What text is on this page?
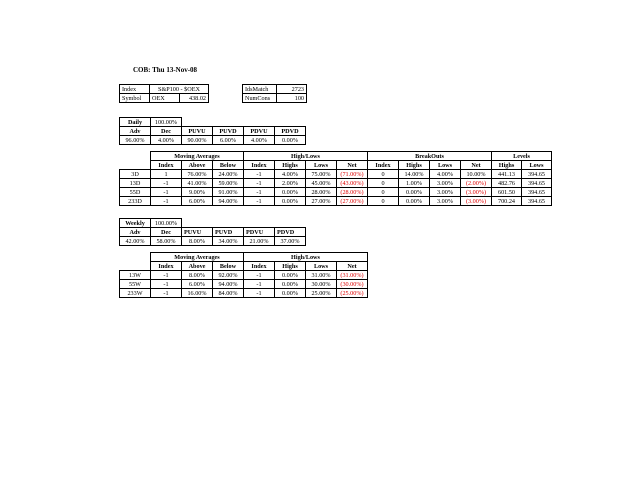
COB: Thu 13-Nov-08
Index	S&P100 - $OEX	
Symbol	OEX	438.02
IdsMatch	2723
NumCons	100
Daily	100.00%				
Adv	Dec	PUVU	PUVD	PDVU	PDVD
96.00%	4.00%	90.00%	6.00%	4.00%	0.00%
	Moving Averages			High/Lows				BreakOuts				Levels	
	Index	Above	Below	Index	Highs	Lows	Net	Index	Highs	Lows	Net	Highs	Lows
3D	1	76.00%	24.00%	-1	4.00%	75.00%	(71.00%)	0	14.00%	4.00%	10.00%	441.13	394.65
13D	-1	41.00%	59.00%	-1	2.00%	45.00%	(43.00%)	0	1.00%	3.00%	(2.00%)	482.76	394.65
55D	-1	9.00%	91.00%	-1	0.00%	28.00%	(28.00%)	0	0.00%	3.00%	(3.00%)	601.50	394.65
233D	-1	6.00%	94.00%	-1	0.00%	27.00%	(27.00%)	0	0.00%	3.00%	(3.00%)	700.24	394.65
Weekly	100.00%				
Adv	Dec	PUVU	PUVD	PDVU	PDVD
42.00%	58.00%	8.00%	34.00%	21.00%	37.00%
	Moving Averages			High/Lows			
	Index	Above	Below	Index	Highs	Lows	Net
13W	-1	8.00%	92.00%	-1	0.00%	31.00%	(31.00%)
55W	-1	6.00%	94.00%	-1	0.00%	30.00%	(30.00%)
233W	-1	16.00%	84.00%	-1	0.00%	25.00%	(25.00%)
